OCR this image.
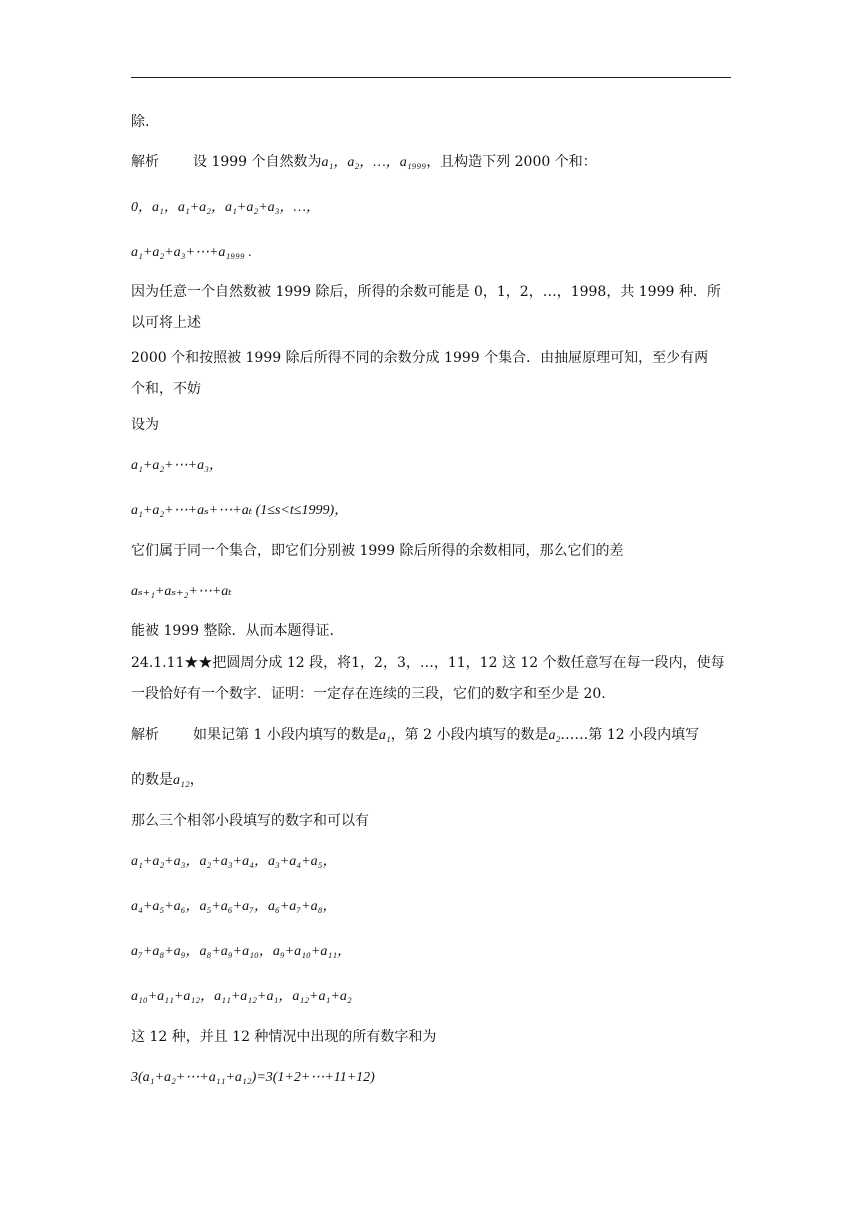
除.
解析 设 1999 个自然数为a₁，a₂，…，a₁₉₉₉，且构造下列 2000 个和：
0，a₁，a₁+a₂，a₁+a₂+a₃，…，
a₁+a₂+a₃+⋯+a₁₉₉₉ .
因为任意一个自然数被 1999 除后，所得的余数可能是 0，1，2，…，1998，共 1999 种．所
以可将上述
2000 个和按照被 1999 除后所得不同的余数分成 1999 个集合．由抽屉原理可知，至少有两
个和，不妨
设为
a₁+a₂+⋯+a₃，
a₁+a₂+⋯+aₛ+⋯+aₜ (1≤s<t≤1999)，
它们属于同一个集合，即它们分别被 1999 除后所得的余数相同，那么它们的差
aₛ₊₁+aₛ₊₂+⋯+aₜ
能被 1999 整除．从而本题得证.
24.1.11★★把圆周分成 12 段，将1，2，3，…，11，12 这 12 个数任意写在每一段内，使每
一段恰好有一个数字．证明：一定存在连续的三段，它们的数字和至少是 20.
解析 如果记第 1 小段内填写的数是a₁，第 2 小段内填写的数是a₂……第 12 小段内填写
的数是a₁₂，
那么三个相邻小段填写的数字和可以有
a₁+a₂+a₃，a₂+a₃+a₄，a₃+a₄+a₅，
a₄+a₅+a₆，a₅+a₆+a₇，a₆+a₇+a₈，
a₇+a₈+a₉，a₈+a₉+a₁₀，a₉+a₁₀+a₁₁，
a₁₀+a₁₁+a₁₂，a₁₁+a₁₂+a₁，a₁₂+a₁+a₂
这 12 种，并且 12 种情况中出现的所有数字和为
3(a₁+a₂+⋯+a₁₁+a₁₂)=3(1+2+⋯+11+12)
